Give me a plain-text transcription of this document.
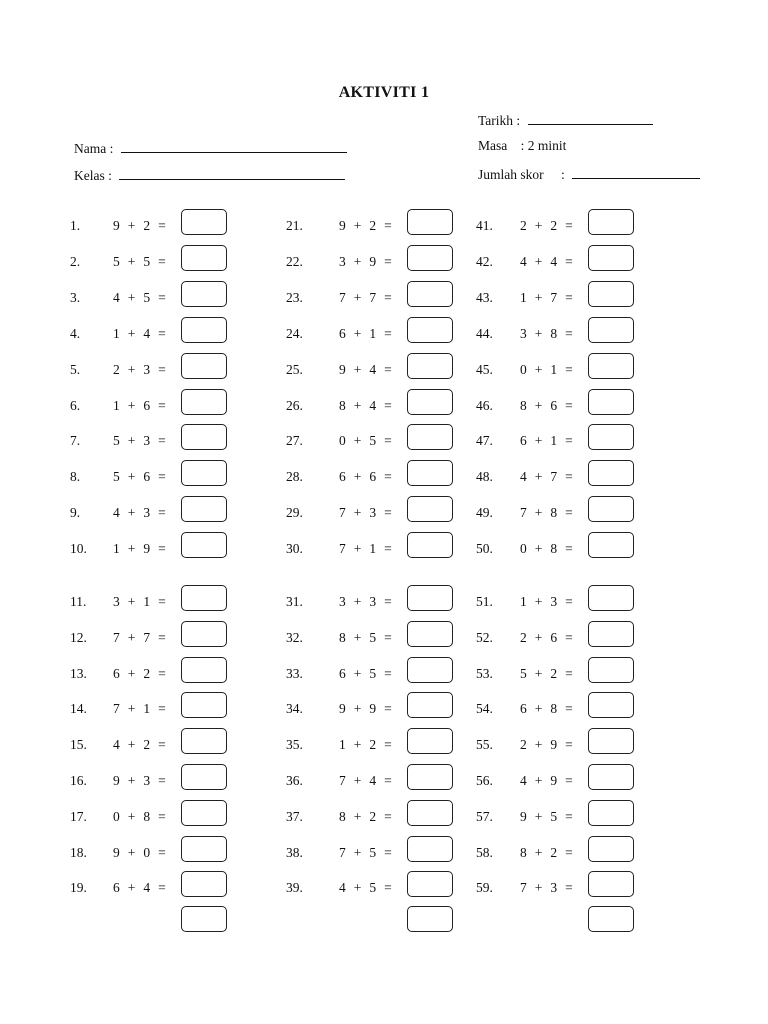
AKTIVITI 1
Tarikh :
Nama :	Masa : 2 minit
Kelas :	Jumlah skor :
1. 9 + 2 =
2. 5 + 5 =
3. 4 + 5 =
4. 1 + 4 =
5. 2 + 3 =
6. 1 + 6 =
7. 5 + 3 =
8. 5 + 6 =
9. 4 + 3 =
10. 1 + 9 =
11. 3 + 1 =
12. 7 + 7 =
13. 6 + 2 =
14. 7 + 1 =
15. 4 + 2 =
16. 9 + 3 =
17. 0 + 8 =
18. 9 + 0 =
19. 6 + 4 =
21.	9 + 2 =
22.	3 + 9 =
23.	7 + 7 =
24.	6 + 1 =
25.	9 + 4 =
26.	8 + 4 =
27.	0 + 5 =
28.	6 + 6 =
29.	7 + 3 =
30.	7 + 1 =
31.	3 + 3 =
32.	8 + 5 =
33.	6 + 5 =
34.	9 + 9 =
35.	1 + 2 =
36.	7 + 4 =
37.	8 + 2 =
38.	7 + 5 =
39.	4 + 5 =
41. 2 + 2 =
42. 4 + 4 =
43. 1 + 7 =
44. 3 + 8 =
45. 0 + 1 =
46. 8 + 6 =
47. 6 + 1 =
48. 4 + 7 =
49. 7 + 8 =
50. 0 + 8 =
51. 1 + 3 =
52. 2 + 6 =
53. 5 + 2 =
54. 6 + 8 =
55. 2 + 9 =
56. 4 + 9 =
57. 9 + 5 =
58. 8 + 2 =
59. 7 + 3 =
